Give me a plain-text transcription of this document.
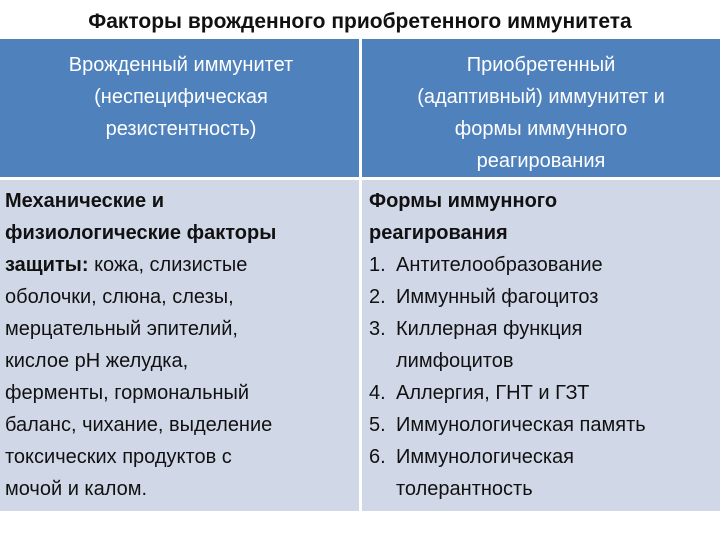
Факторы врожденного приобретенного иммунитета
Врожденный иммунитет
(неспецифическая
резистентность)
Приобретенный
(адаптивный) иммунитет и
формы иммунного
реагирования
Механические и
физиологические факторы
защиты: кожа, слизистые
оболочки, слюна, слезы,
мерцательный эпителий,
кислое pH желудка,
ферменты, гормональный
баланс, чихание, выделение
токсических продуктов с
мочой и калом.
Формы иммунного
реагирования
1. Антителообразование
2. Иммунный фагоцитоз
3. Киллерная функция
лимфоцитов
4. Аллергия, ГНТ и ГЗТ
5. Иммунологическая память
6. Иммунологическая
толерантность
